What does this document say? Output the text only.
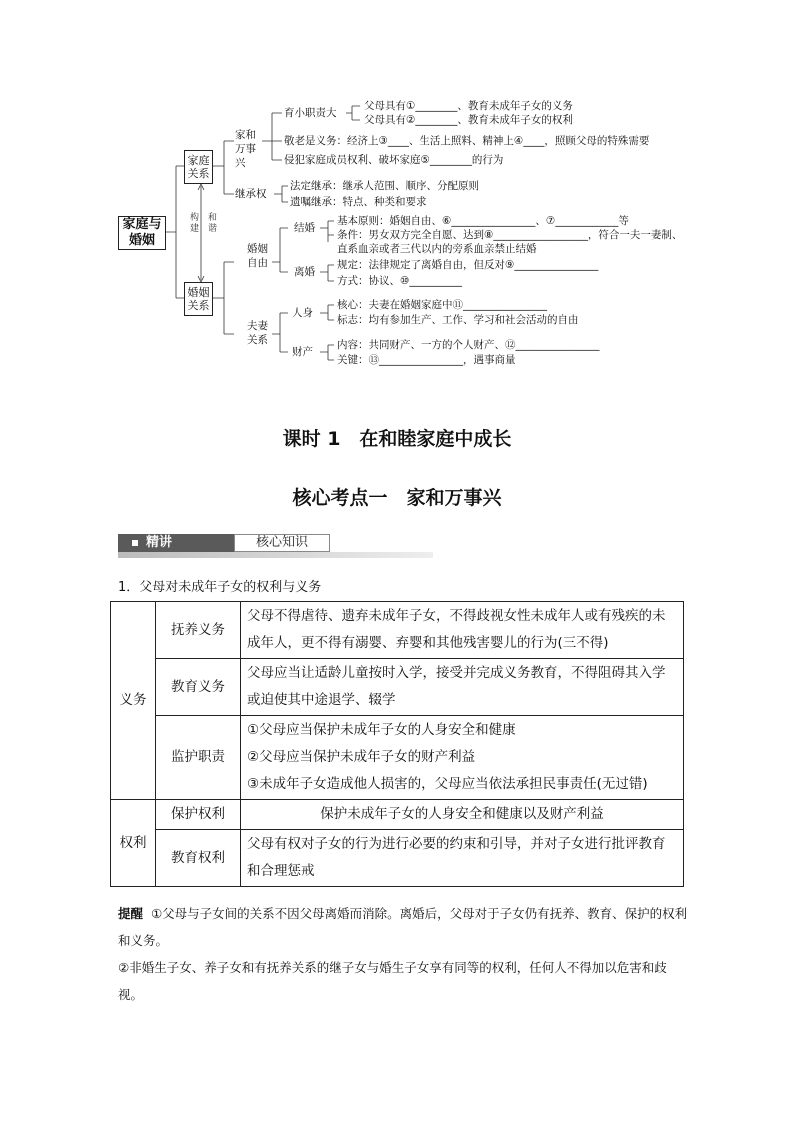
家庭与婚姻
家庭关系
婚姻关系
构建 和谐
家和万事兴
继承权
婚姻自由
夫妻关系
育小职责大
父母具有①________、教育未成年子女的义务
父母具有②________、教育未成年子女的权利
敬老是义务：经济上③____、生活上照料、精神上④____，照顾父母的特殊需要
侵犯家庭成员权利、破坏家庭⑤________的行为
法定继承：继承人范围、顺序、分配原则
遗嘱继承：特点、种类和要求
结婚
基本原则：婚姻自由、⑥________________、⑦____________等
条件：男女双方完全自愿、达到⑧__________________，符合一夫一妻制、
直系血亲或者三代以内的旁系血亲禁止结婚
离婚
规定：法律规定了离婚自由，但反对⑨________________
方式：协议、⑩__________
人身
核心：夫妻在婚姻家庭中⑪________________
标志：均有参加生产、工作、学习和社会活动的自由
财产
内容：共同财产、一方的个人财产、⑫________________
关键：⑬________________，遇事商量
课时 1　在和睦家庭中成长
核心考点一　家和万事兴
精讲	核心知识
1．父母对未成年子女的权利与义务
义务	抚养义务	父母不得虐待、遗弃未成年子女，不得歧视女性未成年人或有残疾的未成年人，更不得有溺婴、弃婴和其他残害婴儿的行为(三不得)
	教育义务	父母应当让适龄儿童按时入学，接受并完成义务教育，不得阻碍其入学或迫使其中途退学、辍学
	监护职责	①父母应当保护未成年子女的人身安全和健康
②父母应当保护未成年子女的财产利益
③未成年子女造成他人损害的，父母应当依法承担民事责任(无过错)

权利	保护权利	保护未成年子女的人身安全和健康以及财产利益
	教育权利	父母有权对子女的行为进行必要的约束和引导，并对子女进行批评教育和合理惩戒
提醒 ①父母与子女间的关系不因父母离婚而消除。离婚后，父母对于子女仍有抚养、教育、保护的权利和义务。
②非婚生子女、养子女和有抚养关系的继子女与婚生子女享有同等的权利，任何人不得加以危害和歧视。
